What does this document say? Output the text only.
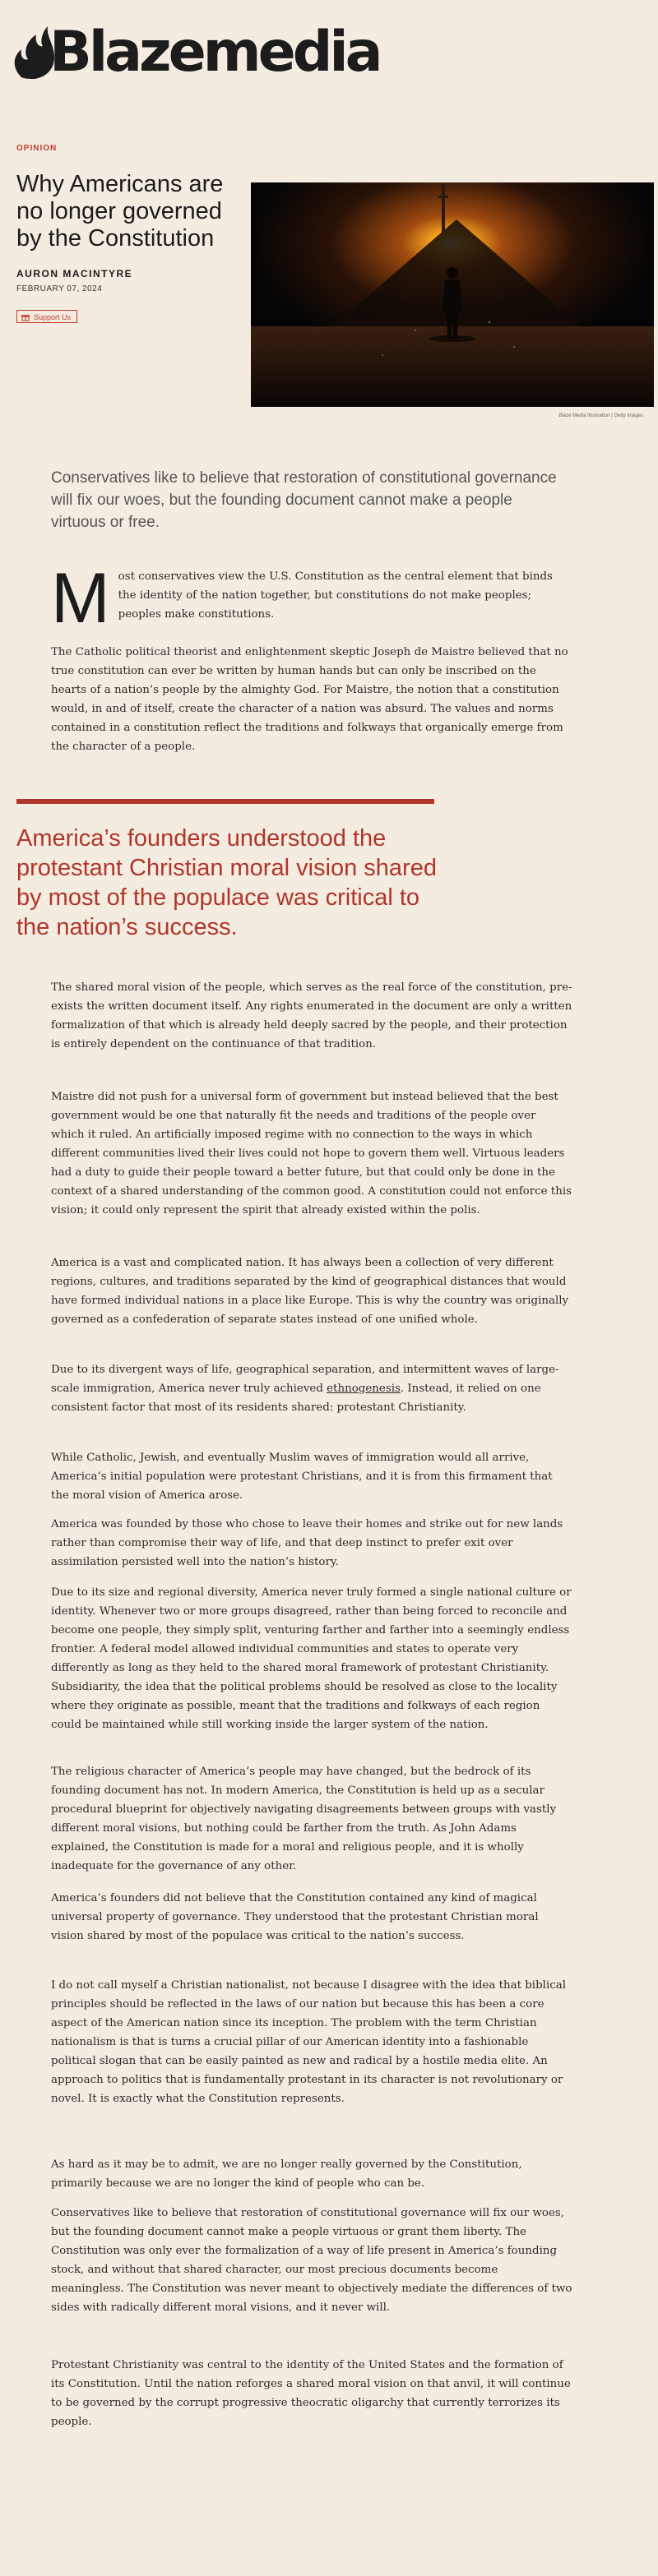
Blazemedia
OPINION
Why Americans are no longer governed by the Constitution
AURON MACINTYRE
FEBRUARY 07, 2024
Support Us
Blaze Media Illustration | Getty Images

Conservatives like to believe that restoration of constitutional governance will fix our woes, but the founding document cannot make a people virtuous or free.

M ost conservatives view the U.S. Constitution as the central element that binds the identity of the nation together, but constitutions do not make peoples; peoples make constitutions.

The Catholic political theorist and enlightenment skeptic Joseph de Maistre believed that no true constitution can ever be written by human hands but can only be inscribed on the hearts of a nation’s people by the almighty God. For Maistre, the notion that a constitution would, in and of itself, create the character of a nation was absurd. The values and norms contained in a constitution reflect the traditions and folkways that organically emerge from the character of a people.

America’s founders understood the protestant Christian moral vision shared by most of the populace was critical to the nation’s success.

The shared moral vision of the people, which serves as the real force of the constitution, pre-exists the written document itself. Any rights enumerated in the document are only a written formalization of that which is already held deeply sacred by the people, and their protection is entirely dependent on the continuance of that tradition.

Maistre did not push for a universal form of government but instead believed that the best government would be one that naturally fit the needs and traditions of the people over which it ruled. An artificially imposed regime with no connection to the ways in which different communities lived their lives could not hope to govern them well. Virtuous leaders had a duty to guide their people toward a better future, but that could only be done in the context of a shared understanding of the common good. A constitution could not enforce this vision; it could only represent the spirit that already existed within the polis.

America is a vast and complicated nation. It has always been a collection of very different regions, cultures, and traditions separated by the kind of geographical distances that would have formed individual nations in a place like Europe. This is why the country was originally governed as a confederation of separate states instead of one unified whole.

Due to its divergent ways of life, geographical separation, and intermittent waves of large-scale immigration, America never truly achieved ethnogenesis. Instead, it relied on one consistent factor that most of its residents shared: protestant Christianity.

While Catholic, Jewish, and eventually Muslim waves of immigration would all arrive, America’s initial population were protestant Christians, and it is from this firmament that the moral vision of America arose.

America was founded by those who chose to leave their homes and strike out for new lands rather than compromise their way of life, and that deep instinct to prefer exit over assimilation persisted well into the nation’s history.

Due to its size and regional diversity, America never truly formed a single national culture or identity. Whenever two or more groups disagreed, rather than being forced to reconcile and become one people, they simply split, venturing farther and farther into a seemingly endless frontier. A federal model allowed individual communities and states to operate very differently as long as they held to the shared moral framework of protestant Christianity. Subsidiarity, the idea that the political problems should be resolved as close to the locality where they originate as possible, meant that the traditions and folkways of each region could be maintained while still working inside the larger system of the nation.

The religious character of America’s people may have changed, but the bedrock of its founding document has not. In modern America, the Constitution is held up as a secular procedural blueprint for objectively navigating disagreements between groups with vastly different moral visions, but nothing could be farther from the truth. As John Adams explained, the Constitution is made for a moral and religious people, and it is wholly inadequate for the governance of any other.

America’s founders did not believe that the Constitution contained any kind of magical universal property of governance. They understood that the protestant Christian moral vision shared by most of the populace was critical to the nation’s success.

I do not call myself a Christian nationalist, not because I disagree with the idea that biblical principles should be reflected in the laws of our nation but because this has been a core aspect of the American nation since its inception. The problem with the term Christian nationalism is that is turns a crucial pillar of our American identity into a fashionable political slogan that can be easily painted as new and radical by a hostile media elite. An approach to politics that is fundamentally protestant in its character is not revolutionary or novel. It is exactly what the Constitution represents.

As hard as it may be to admit, we are no longer really governed by the Constitution, primarily because we are no longer the kind of people who can be.

Conservatives like to believe that restoration of constitutional governance will fix our woes, but the founding document cannot make a people virtuous or grant them liberty. The Constitution was only ever the formalization of a way of life present in America’s founding stock, and without that shared character, our most precious documents become meaningless. The Constitution was never meant to objectively mediate the differences of two sides with radically different moral visions, and it never will.

Protestant Christianity was central to the identity of the United States and the formation of its Constitution. Until the nation reforges a shared moral vision on that anvil, it will continue to be governed by the corrupt progressive theocratic oligarchy that currently terrorizes its people.
